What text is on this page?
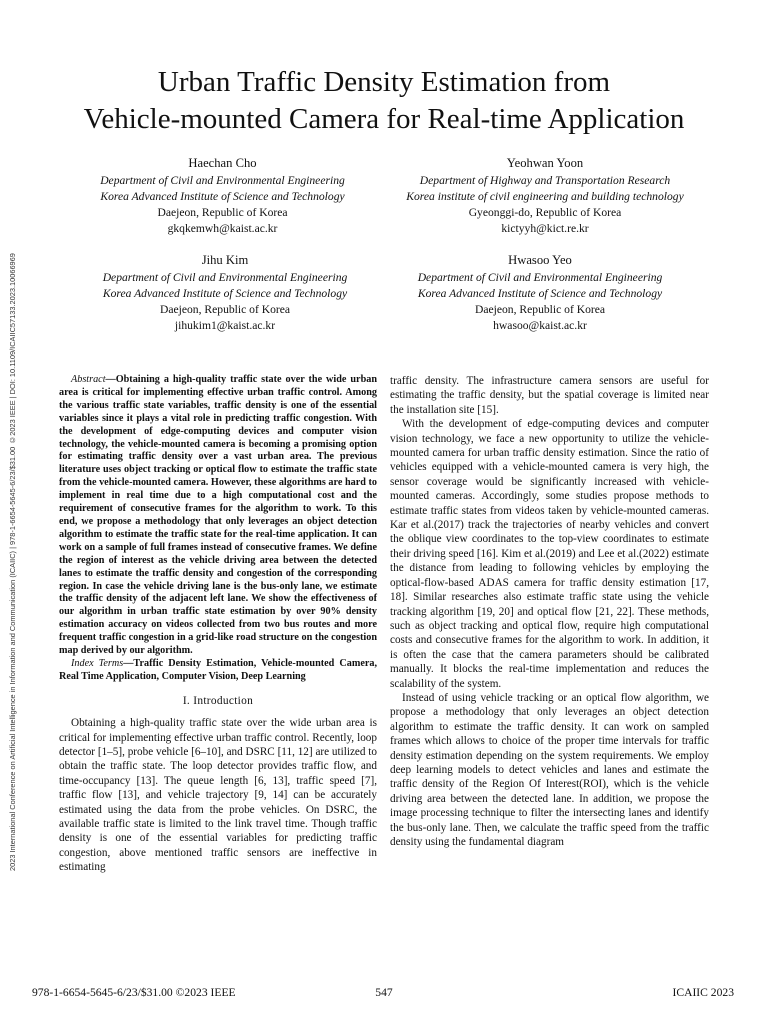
2023 International Conference on Artificial Intelligence in Information and Communication (ICAIIC) | 978-1-6654-5645-6/23/$31.00 ©2023 IEEE | DOI: 10.1109/ICAIIC57133.2023.10066969
Urban Traffic Density Estimation from
Vehicle-mounted Camera for Real-time Application
Haechan Cho
Department of Civil and Environmental Engineering
Korea Advanced Institute of Science and Technology
Daejeon, Republic of Korea
gkqkemwh@kaist.ac.kr
Yeohwan Yoon
Department of Highway and Transportation Research
Korea institute of civil engineering and building technology
Gyeonggi-do, Republic of Korea
kictyyh@kict.re.kr
Jihu Kim
Department of Civil and Environmental Engineering
Korea Advanced Institute of Science and Technology
Daejeon, Republic of Korea
jihukim1@kaist.ac.kr
Hwasoo Yeo
Department of Civil and Environmental Engineering
Korea Advanced Institute of Science and Technology
Daejeon, Republic of Korea
hwasoo@kaist.ac.kr

Abstract—Obtaining a high-quality traffic state over the wide urban area is critical for implementing effective urban traffic control. Among the various traffic state variables, traffic density is one of the essential variables since it plays a vital role in predicting traffic congestion. With the development of edge-computing devices and computer vision technology, the vehicle-mounted camera is becoming a promising option for estimating traffic density over a vast urban area. The previous literature uses object tracking or optical flow to estimate the traffic state from the vehicle-mounted camera. However, these algorithms are hard to implement in real time due to a high computational cost and the requirement of consecutive frames for the algorithm to work. To this end, we propose a methodology that only leverages an object detection algorithm to estimate the traffic state for the real-time application. It can work on a sample of full frames instead of consecutive frames. We define the region of interest as the vehicle driving area between the detected lanes to estimate the traffic density and congestion of the corresponding region. In case the vehicle driving lane is the bus-only lane, we estimate the traffic density of the adjacent left lane. We show the effectiveness of our algorithm in urban traffic state estimation by over 90% density estimation accuracy on videos collected from two bus routes and more frequent traffic congestion in a grid-like road structure on the congestion map derived by our algorithm.

Index Terms—Traffic Density Estimation, Vehicle-mounted Camera, Real Time Application, Computer Vision, Deep Learning

I. Introduction

Obtaining a high-quality traffic state over the wide urban area is critical for implementing effective urban traffic control. Recently, loop detector [1–5], probe vehicle [6–10], and DSRC [11, 12] are utilized to obtain the traffic state. The loop detector provides traffic flow, and time-occupancy [13]. The queue length [6, 13], traffic speed [7], traffic flow [13], and vehicle trajectory [9, 14] can be accurately estimated using the data from the probe vehicles. On DSRC, the available traffic state is limited to the link travel time. Though traffic density is one of the essential variables for predicting traffic congestion, above mentioned traffic sensors are ineffective in estimating

traffic density. The infrastructure camera sensors are useful for estimating the traffic density, but the spatial coverage is limited near the installation site [15].

With the development of edge-computing devices and computer vision technology, we face a new opportunity to utilize the vehicle-mounted camera for urban traffic density estimation. Since the ratio of vehicles equipped with a vehicle-mounted camera is very high, the sensor coverage would be significantly increased with vehicle-mounted cameras. Accordingly, some studies propose methods to estimate traffic states from videos taken by vehicle-mounted cameras. Kar et al.(2017) track the trajectories of nearby vehicles and convert the oblique view coordinates to the top-view coordinates to estimate their driving speed [16]. Kim et al.(2019) and Lee et al.(2022) estimate the distance from leading to following vehicles by employing the optical-flow-based ADAS camera for traffic density estimation [17, 18]. Similar researches also estimate traffic state using the vehicle tracking algorithm [19, 20] and optical flow [21, 22]. These methods, such as object tracking and optical flow, require high computational costs and consecutive frames for the algorithm to work. In addition, it is often the case that the camera parameters should be calibrated manually. It blocks the real-time implementation and reduces the scalability of the system.

Instead of using vehicle tracking or an optical flow algorithm, we propose a methodology that only leverages an object detection algorithm to estimate the traffic density. It can work on sampled frames which allows to choice of the proper time intervals for traffic density estimation depending on the system requirements. We employ deep learning models to detect vehicles and lanes and estimate the traffic density of the Region Of Interest(ROI), which is the vehicle driving area between the detected lane. In addition, we propose the image processing technique to filter the intersecting lanes and identify the bus-only lane. Then, we calculate the traffic speed from the traffic density using the fundamental diagram

978-1-6654-5645-6/23/$31.00 ©2023 IEEE	547	ICAIIC 2023
